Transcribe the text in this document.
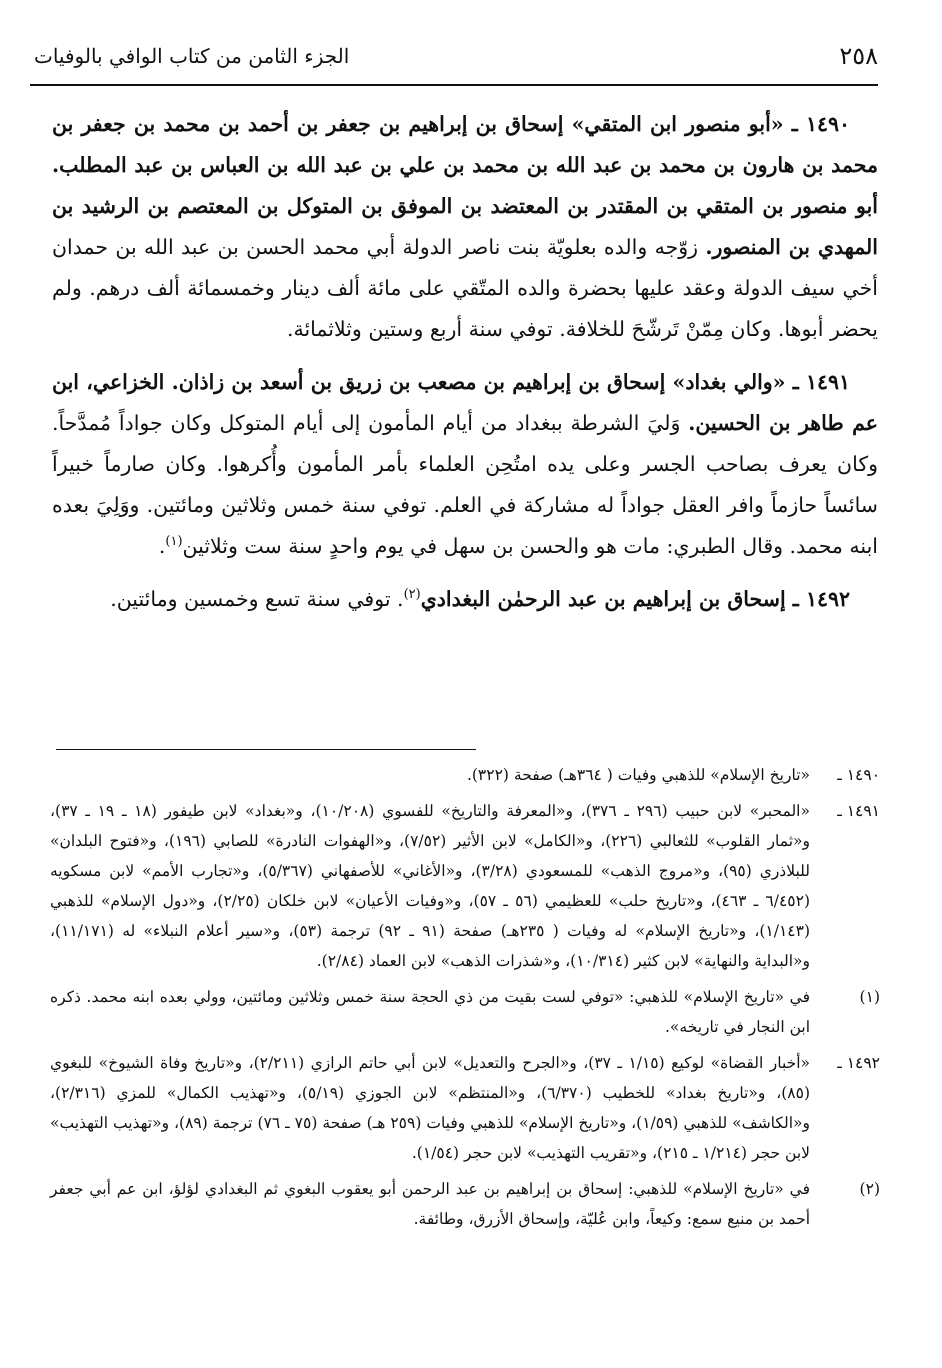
٢٥٨
الجزء الثامن من كتاب الوافي بالوفيات

١٤٩٠ ـ «أبو منصور ابن المتقي» إسحاق بن إبراهيم بن جعفر بن أحمد بن محمد بن جعفر بن محمد بن هارون بن محمد بن عبد الله بن محمد بن علي بن عبد الله بن العباس بن عبد المطلب. أبو منصور بن المتقي بن المقتدر بن المعتضد بن الموفق بن المتوكل بن المعتصم بن الرشيد بن المهدي بن المنصور. زوّجه والده بعلويّة بنت ناصر الدولة أبي محمد الحسن بن عبد الله بن حمدان أخي سيف الدولة وعقد عليها بحضرة والده المتّقي على مائة ألف دينار وخمسمائة ألف درهم. ولم يحضر أبوها. وكان مِمّنْ تَرشّحَ للخلافة. توفي سنة أربع وستين وثلاثمائة.

١٤٩١ ـ «والي بغداد» إسحاق بن إبراهيم بن مصعب بن زريق بن أسعد بن زاذان. الخزاعي، ابن عم طاهر بن الحسين. وَليَ الشرطة ببغداد من أيام المأمون إلى أيام المتوكل وكان جواداً مُمدَّحاً. وكان يعرف بصاحب الجسر وعلى يده امتُحِن العلماء بأمر المأمون وأُكرهوا. وكان صارماً خبيراً سائساً حازماً وافر العقل جواداً له مشاركة في العلم. توفي سنة خمس وثلاثين ومائتين. ووَلِيَ بعده ابنه محمد. وقال الطبري: مات هو والحسن بن سهل في يوم واحدٍ سنة ست وثلاثين$^{(١)}$.

١٤٩٢ ـ إسحاق بن إبراهيم بن عبد الرحمٰن البغدادي$^{(٢)}$. توفي سنة تسع وخمسين ومائتين.

١٤٩٠ ـ
«تاريخ الإسلام» للذهبي وفيات ( ٣٦٤هـ) صفحة (٣٢٢).
١٤٩١ ـ
«المحبر» لابن حبيب (٢٩٦ ـ ٣٧٦)، و«المعرفة والتاريخ» للفسوي (١٠/٢٠٨)، و«بغداد» لابن طيفور (١٨ ـ ١٩ ـ ٣٧)، و«ثمار القلوب» للثعالبي (٢٢٦)، و«الكامل» لابن الأثير (٧/٥٢)، و«الهفوات النادرة» للصابي (١٩٦)، و«فتوح البلدان» للبلاذري (٩٥)، و«مروج الذهب» للمسعودي (٣/٢٨)، و«الأغاني» للأصفهاني (٥/٣٦٧)، و«تجارب الأمم» لابن مسكويه (٦/٤٥٢ ـ ٤٦٣)، و«تاريخ حلب» للعظيمي (٥٦ ـ ٥٧)، و«وفيات الأعيان» لابن خلكان (٢/٢٥)، و«دول الإسلام» للذهبي (١/١٤٣)، و«تاريخ الإسلام» له وفيات ( ٢٣٥هـ) صفحة (٩١ ـ ٩٢) ترجمة (٥٣)، و«سير أعلام النبلاء» له (١١/١٧١)، و«البداية والنهاية» لابن كثير (١٠/٣١٤)، و«شذرات الذهب» لابن العماد (٢/٨٤).
(١)
في «تاريخ الإسلام» للذهبي: «توفي لست بقيت من ذي الحجة سنة خمس وثلاثين ومائتين، وولي بعده ابنه محمد. ذكره ابن النجار في تاريخه».
١٤٩٢ ـ
«أخبار القضاة» لوكيع (١/١٥ ـ ٣٧)، و«الجرح والتعديل» لابن أبي حاتم الرازي (٢/٢١١)، و«تاريخ وفاة الشيوخ» للبغوي (٨٥)، و«تاريخ بغداد» للخطيب (٦/٣٧٠)، و«المنتظم» لابن الجوزي (٥/١٩)، و«تهذيب الكمال» للمزي (٢/٣١٦)، و«الكاشف» للذهبي (١/٥٩)، و«تاريخ الإسلام» للذهبي وفيات (٢٥٩ هـ) صفحة (٧٥ ـ ٧٦) ترجمة (٨٩)، و«تهذيب التهذيب» لابن حجر (١/٢١٤ ـ ٢١٥)، و«تقريب التهذيب» لابن حجر (١/٥٤).
(٢)
في «تاريخ الإسلام» للذهبي: إسحاق بن إبراهيم بن عبد الرحمن أبو يعقوب البغوي ثم البغدادي لؤلؤ، ابن عم أبي جعفر أحمد بن منيع سمع: وكيعاً، وابن عُليّة، وإسحاق الأزرق، وطائفة.
